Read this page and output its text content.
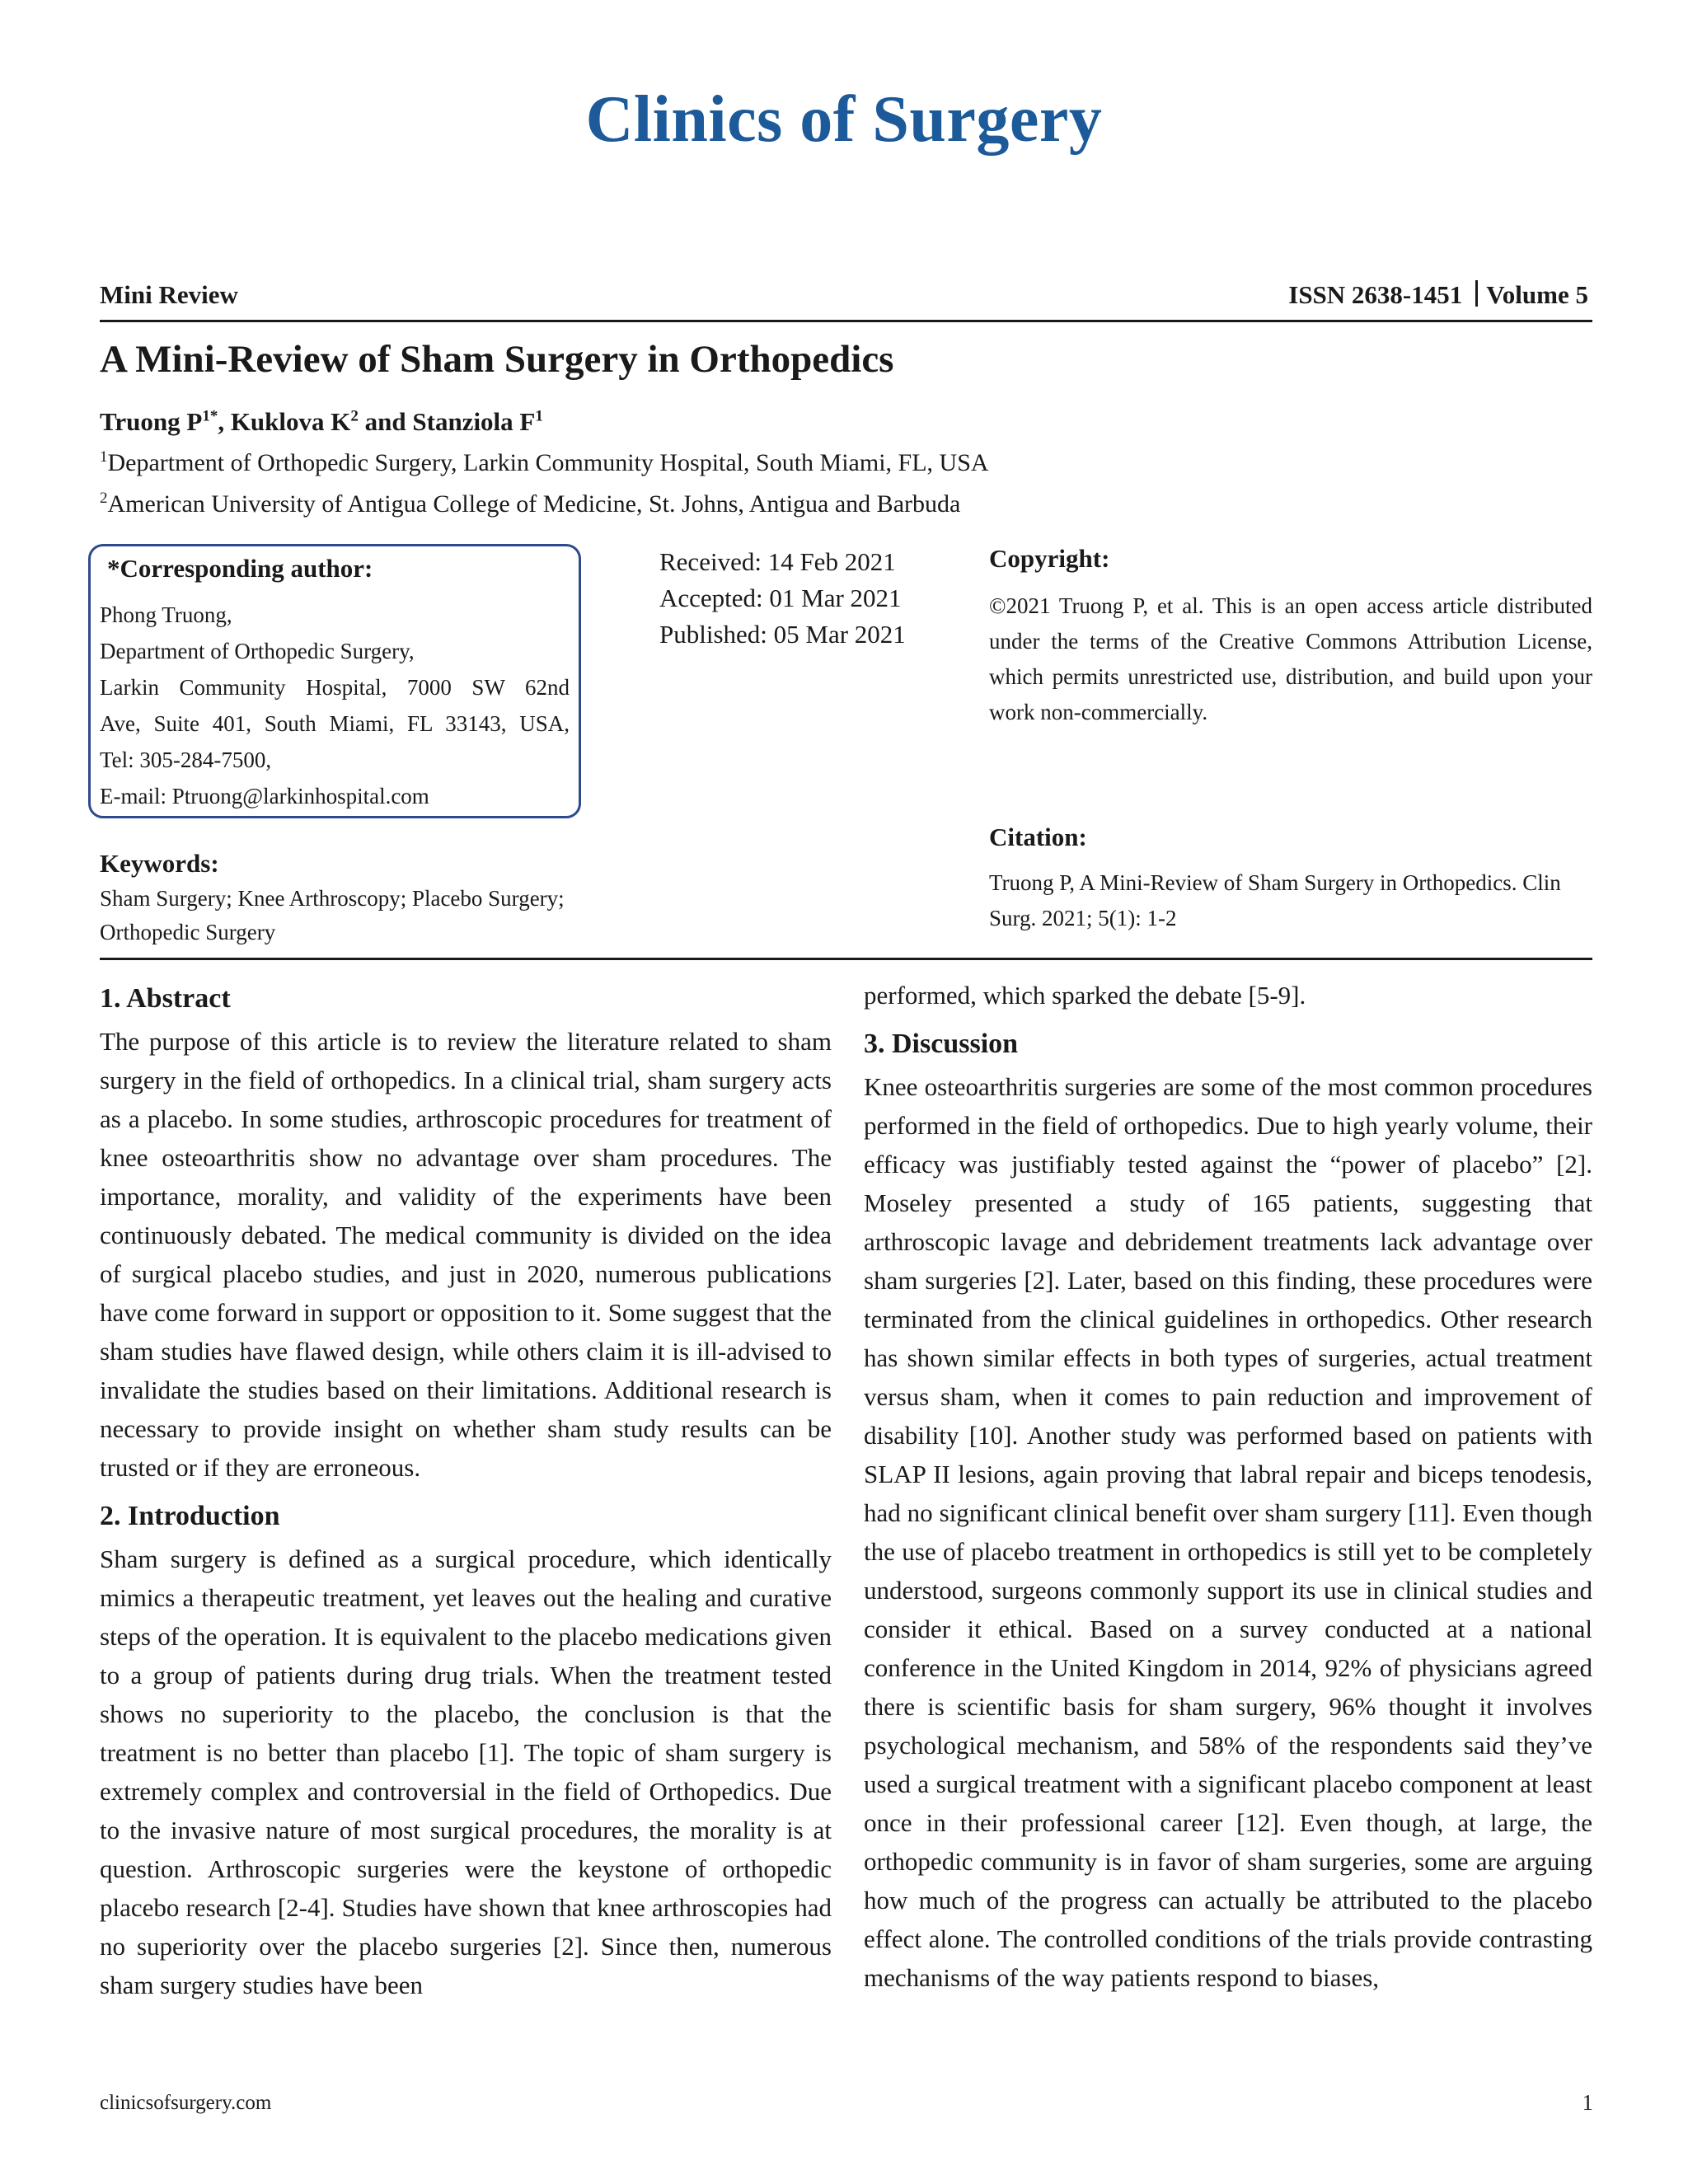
Clinics of Surgery
Mini Review	ISSN 2638-1451 Volume 5
A Mini-Review of Sham Surgery in Orthopedics
Truong $P^{1*}$, Kuklova $K^2$ and Stanziola $F^1$
$^1$Department of Orthopedic Surgery, Larkin Community Hospital, South Miami, FL, USA
$^2$American University of Antigua College of Medicine, St. Johns, Antigua and Barbuda
*Corresponding author:
Phong Truong,
Department of Orthopedic Surgery,
Larkin Community Hospital, 7000 SW 62nd
Ave, Suite 401, South Miami, FL 33143, USA,
Tel: 305-284-7500,
E-mail: Ptruong@larkinhospital.com
Received: 14 Feb 2021
Accepted: 01 Mar 2021
Published: 05 Mar 2021
Copyright:
©2021 Truong P, et al. This is an open access article distributed under the terms of the Creative Commons Attribution License, which permits unrestricted use, distribution, and build upon your work non-commercially.
Citation:
Truong P, A Mini-Review of Sham Surgery in Orthopedics. Clin Surg. 2021; 5(1): 1-2
Keywords:
Sham Surgery; Knee Arthroscopy; Placebo Surgery; Orthopedic Surgery
1. Abstract

The purpose of this article is to review the literature related to sham surgery in the field of orthopedics. In a clinical trial, sham surgery acts as a placebo. In some studies, arthroscopic procedures for treatment of knee osteoarthritis show no advantage over sham procedures. The importance, morality, and validity of the experiments have been continuously debated. The medical community is divided on the idea of surgical placebo studies, and just in 2020, numerous publications have come forward in support or opposition to it. Some suggest that the sham studies have flawed design, while others claim it is ill-advised to invalidate the studies based on their limitations. Additional research is necessary to provide insight on whether sham study results can be trusted or if they are erroneous.

2. Introduction

Sham surgery is defined as a surgical procedure, which identically mimics a therapeutic treatment, yet leaves out the healing and curative steps of the operation. It is equivalent to the placebo medications given to a group of patients during drug trials. When the treatment tested shows no superiority to the placebo, the conclusion is that the treatment is no better than placebo [1]. The topic of sham surgery is extremely complex and controversial in the field of Orthopedics. Due to the invasive nature of most surgical procedures, the morality is at question. Arthroscopic surgeries were the keystone of orthopedic placebo research [2-4]. Studies have shown that knee arthroscopies had no superiority over the placebo surgeries [2]. Since then, numerous sham surgery studies have been

performed, which sparked the debate [5-9].

3. Discussion

Knee osteoarthritis surgeries are some of the most common procedures performed in the field of orthopedics. Due to high yearly volume, their efficacy was justifiably tested against the “power of placebo” [2]. Moseley presented a study of 165 patients, suggesting that arthroscopic lavage and debridement treatments lack advantage over sham surgeries [2]. Later, based on this finding, these procedures were terminated from the clinical guidelines in orthopedics. Other research has shown similar effects in both types of surgeries, actual treatment versus sham, when it comes to pain reduction and improvement of disability [10]. Another study was performed based on patients with SLAP II lesions, again proving that labral repair and biceps tenodesis, had no significant clinical benefit over sham surgery [11]. Even though the use of placebo treatment in orthopedics is still yet to be completely understood, surgeons commonly support its use in clinical studies and consider it ethical. Based on a survey conducted at a national conference in the United Kingdom in 2014, 92% of physicians agreed there is scientific basis for sham surgery, 96% thought it involves psychological mechanism, and 58% of the respondents said they’ve used a surgical treatment with a significant placebo component at least once in their professional career [12]. Even though, at large, the orthopedic community is in favor of sham surgeries, some are arguing how much of the progress can actually be attributed to the placebo effect alone. The controlled conditions of the trials provide contrasting mechanisms of the way patients respond to biases,

clinicsofsurgery.com	1
